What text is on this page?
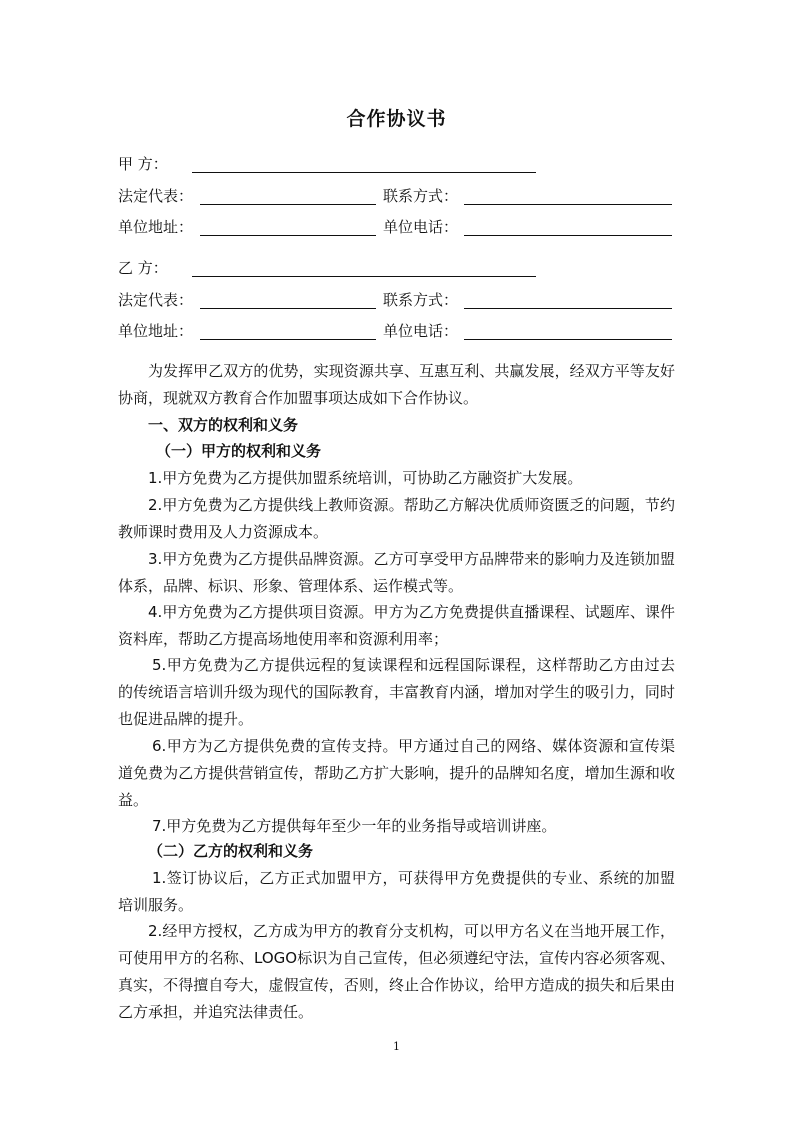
合作协议书
甲 方：
法定代表：	联系方式：
单位地址：	单位电话：
乙 方：
法定代表：	联系方式：
单位地址：	单位电话：
为发挥甲乙双方的优势，实现资源共享、互惠互利、共赢发展，经双方平等友好协商，现就双方教育合作加盟事项达成如下合作协议。
一、双方的权利和义务
（一）甲方的权利和义务
1.甲方免费为乙方提供加盟系统培训，可协助乙方融资扩大发展。
2.甲方免费为乙方提供线上教师资源。帮助乙方解决优质师资匮乏的问题，节约教师课时费用及人力资源成本。
3.甲方免费为乙方提供品牌资源。乙方可享受甲方品牌带来的影响力及连锁加盟体系，品牌、标识、形象、管理体系、运作模式等。
4.甲方免费为乙方提供项目资源。甲方为乙方免费提供直播课程、试题库、课件资料库，帮助乙方提高场地使用率和资源利用率；
5.甲方免费为乙方提供远程的复读课程和远程国际课程，这样帮助乙方由过去的传统语言培训升级为现代的国际教育，丰富教育内涵，增加对学生的吸引力，同时也促进品牌的提升。
6.甲方为乙方提供免费的宣传支持。甲方通过自己的网络、媒体资源和宣传渠道免费为乙方提供营销宣传，帮助乙方扩大影响，提升的品牌知名度，增加生源和收益。
7.甲方免费为乙方提供每年至少一年的业务指导或培训讲座。
（二）乙方的权利和义务
1.签订协议后，乙方正式加盟甲方，可获得甲方免费提供的专业、系统的加盟培训服务。
2.经甲方授权，乙方成为甲方的教育分支机构，可以甲方名义在当地开展工作，可使用甲方的名称、LOGO标识为自己宣传，但必须遵纪守法，宣传内容必须客观、真实，不得擅自夸大，虚假宣传，否则，终止合作协议，给甲方造成的损失和后果由乙方承担，并追究法律责任。
1
